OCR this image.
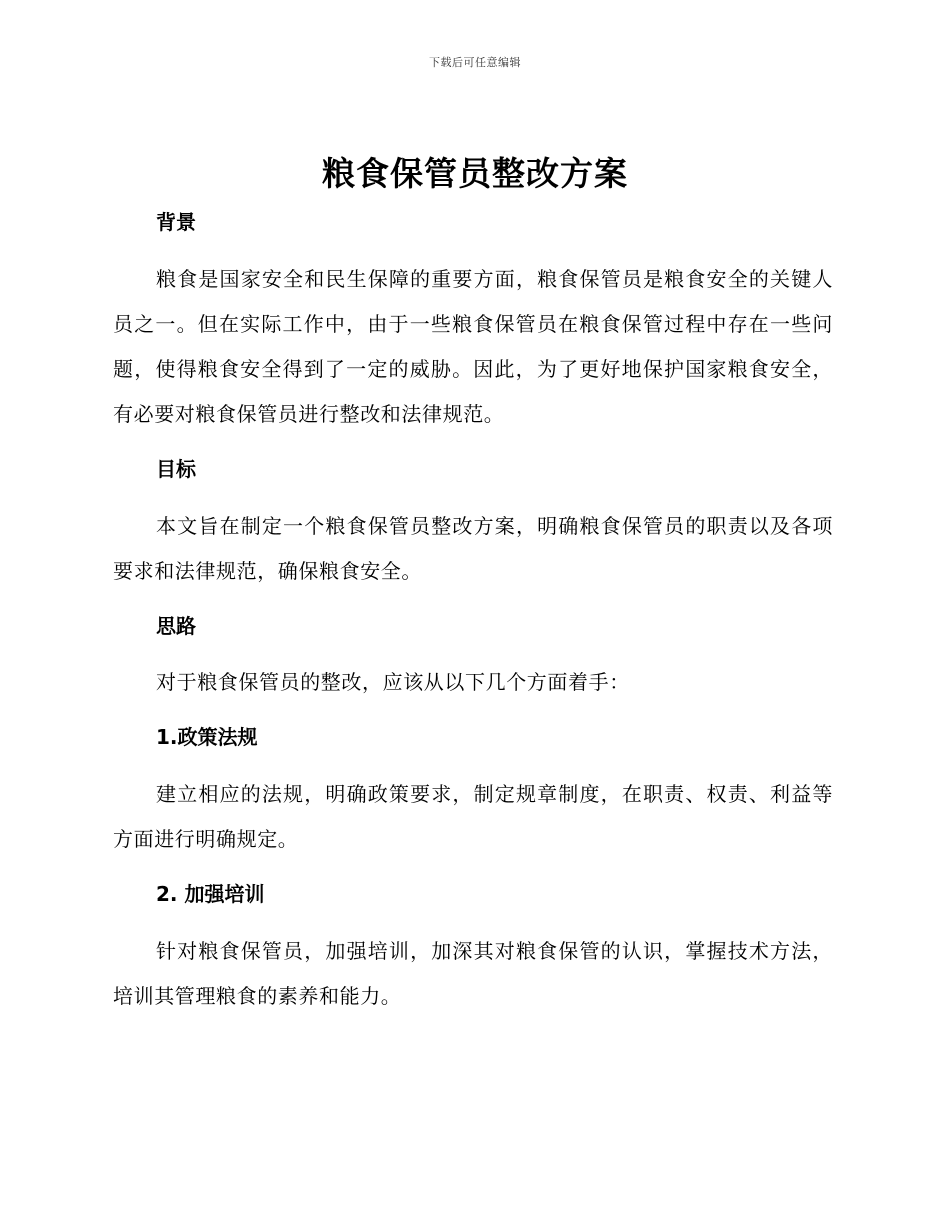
下载后可任意编辑
粮食保管员整改方案

背景

粮食是国家安全和民生保障的重要方面，粮食保管员是粮食安全的关键人员之一。但在实际工作中，由于一些粮食保管员在粮食保管过程中存在一些问题，使得粮食安全得到了一定的威胁。因此，为了更好地保护国家粮食安全，有必要对粮食保管员进行整改和法律规范。

目标

本文旨在制定一个粮食保管员整改方案，明确粮食保管员的职责以及各项要求和法律规范，确保粮食安全。

思路

对于粮食保管员的整改，应该从以下几个方面着手：

1.政策法规

建立相应的法规，明确政策要求，制定规章制度，在职责、权责、利益等方面进行明确规定。

2. 加强培训

针对粮食保管员，加强培训，加深其对粮食保管的认识，掌握技术方法，培训其管理粮食的素养和能力。
